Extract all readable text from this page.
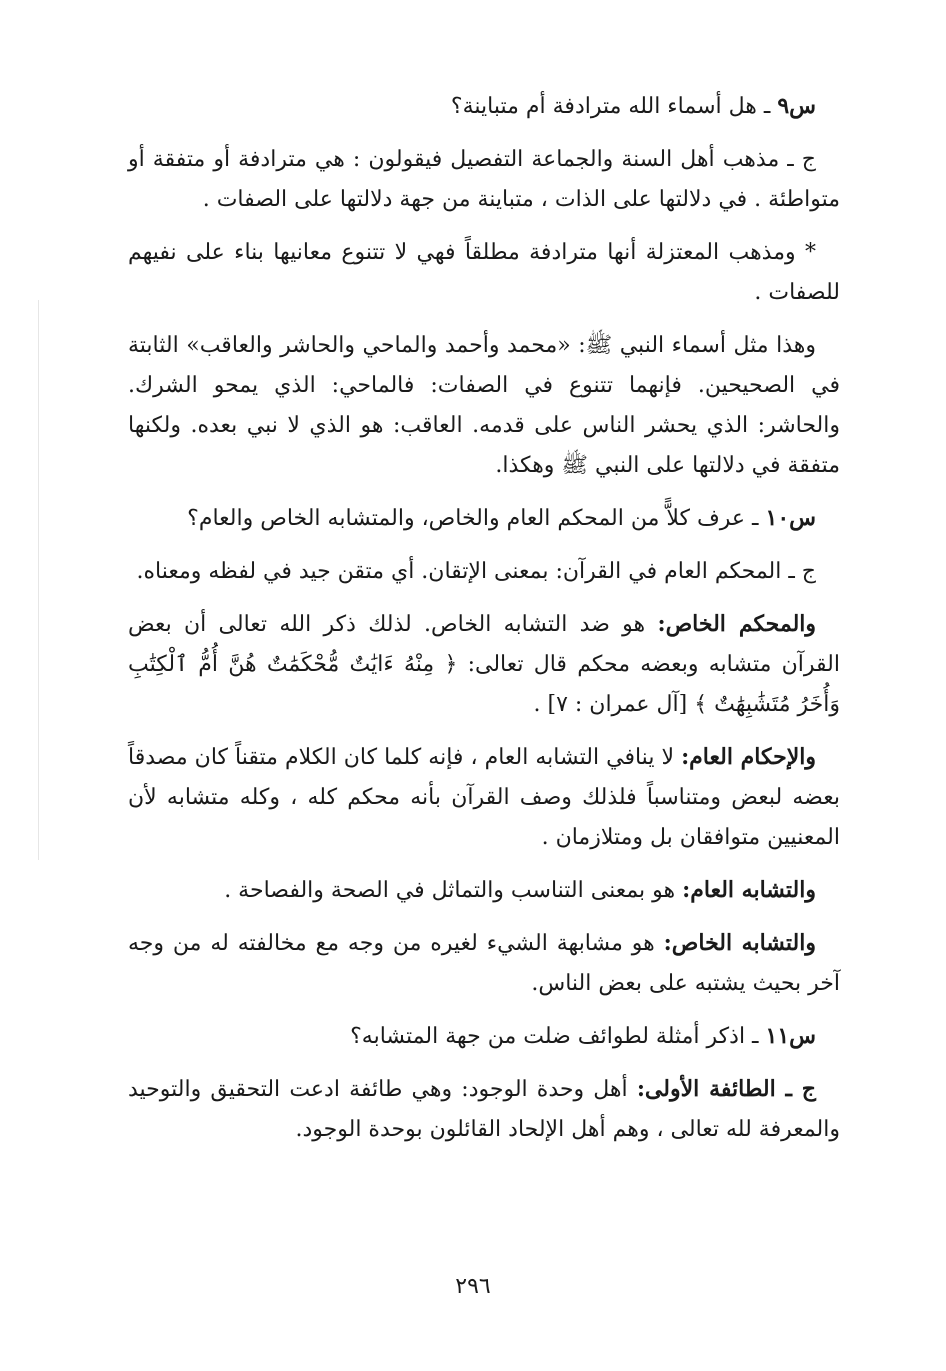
س٩ ـ هل أسماء الله مترادفة أم متباينة؟

ج ـ مذهب أهل السنة والجماعة التفصيل فيقولون : هي مترادفة أو متفقة أو متواطئة . في دلالتها على الذات ، متباينة من جهة دلالتها على الصفات .

* ومذهب المعتزلة أنها مترادفة مطلقاً فهي لا تتنوع معانيها بناء على نفيهم للصفات .

وهذا مثل أسماء النبي ﷺ: «محمد وأحمد والماحي والحاشر والعاقب» الثابتة في الصحيحين. فإنهما تتنوع في الصفات: فالماحي: الذي يمحو الشرك. والحاشر: الذي يحشر الناس على قدمه. العاقب: هو الذي لا نبي بعده. ولكنها متفقة في دلالتها على النبي ﷺ وهكذا.

س١٠ ـ عرف كلاًّ من المحكم العام والخاص، والمتشابه الخاص والعام؟

ج ـ المحكم العام في القرآن: بمعنى الإتقان. أي متقن جيد في لفظه ومعناه.

والمحكم الخاص: هو ضد التشابه الخاص. لذلك ذكر الله تعالى أن بعض القرآن متشابه وبعضه محكم قال تعالى: ﴿ مِنْهُ ءَايَٰتٌ مُّحْكَمَٰتٌ هُنَّ أُمُّ ٱلْكِتَٰبِ وَأُخَرُ مُتَشَٰبِهَٰتٌ ﴾ [آل عمران : ٧] .

والإحكام العام: لا ينافي التشابه العام ، فإنه كلما كان الكلام متقناً كان مصدقاً بعضه لبعض ومتناسباً فلذلك وصف القرآن بأنه محكم كله ، وكله متشابه لأن المعنيين متوافقان بل ومتلازمان .

والتشابه العام: هو بمعنى التناسب والتماثل في الصحة والفصاحة .

والتشابه الخاص: هو مشابهة الشيء لغيره من وجه مع مخالفته له من وجه آخر بحيث يشتبه على بعض الناس.

س١١ ـ اذكر أمثلة لطوائف ضلت من جهة المتشابه؟

ج ـ الطائفة الأولى: أهل وحدة الوجود: وهي طائفة ادعت التحقيق والتوحيد والمعرفة لله تعالى ، وهم أهل الإلحاد القائلون بوحدة الوجود.

٢٩٦
